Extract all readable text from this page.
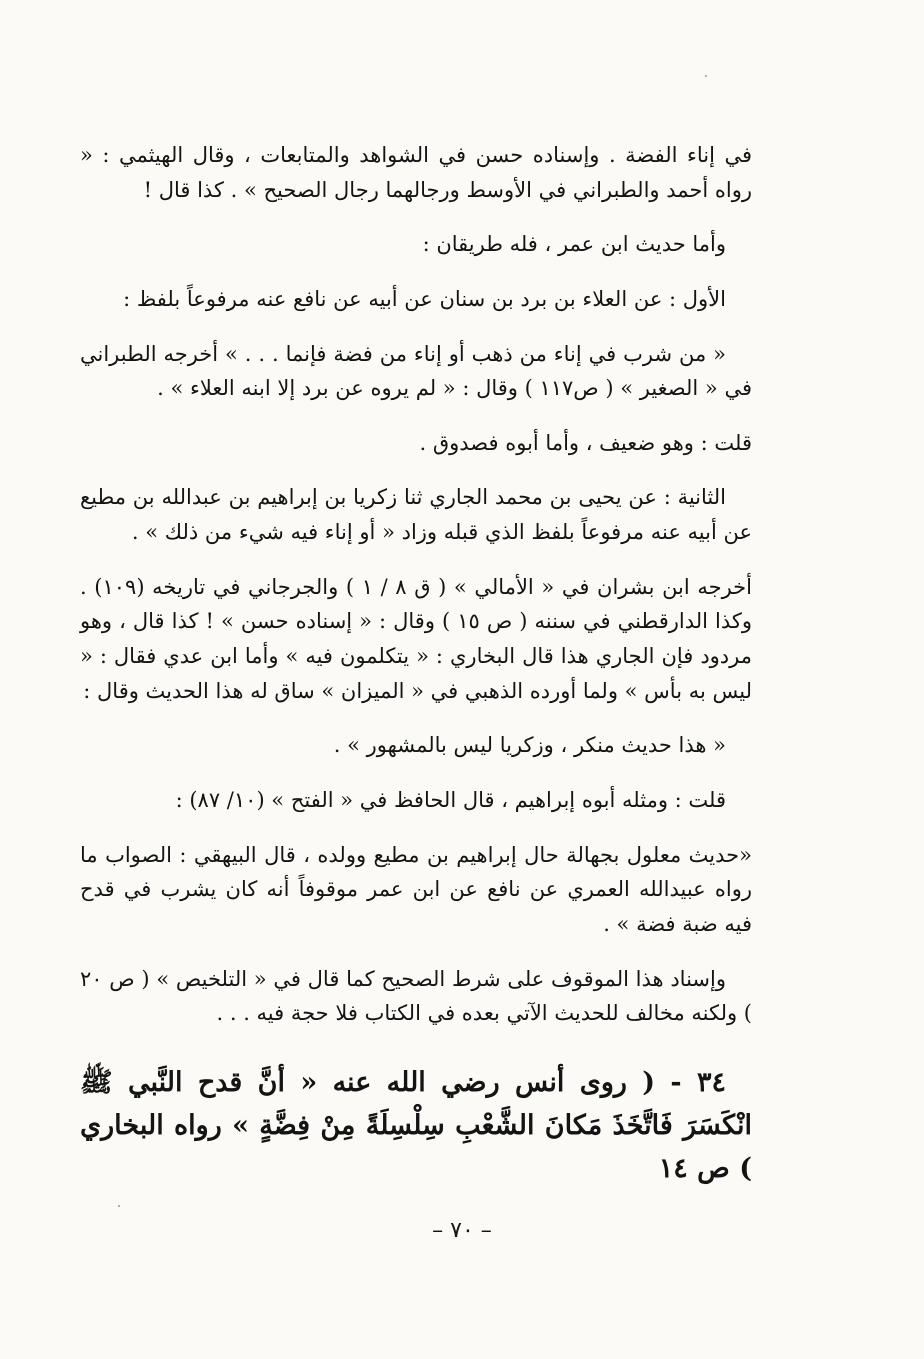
في إناء الفضة . وإسناده حسن في الشواهد والمتابعات ، وقال الهيثمي : « رواه أحمد والطبراني في الأوسط ورجالهما رجال الصحيح » . كذا قال !

وأما حديث ابن عمر ، فله طريقان :

الأول : عن العلاء بن برد بن سنان عن أبيه عن نافع عنه مرفوعاً بلفظ :

« من شرب في إناء من ذهب أو إناء من فضة فإنما . . . » أخرجه الطبراني في « الصغير » ( ص١١٧ ) وقال : « لم يروه عن برد إلا ابنه العلاء » .

قلت : وهو ضعيف ، وأما أبوه فصدوق .

الثانية : عن يحيى بن محمد الجاري ثنا زكريا بن إبراهيم بن عبدالله بن مطيع عن أبيه عنه مرفوعاً بلفظ الذي قبله وزاد « أو إناء فيه شيء من ذلك » .

أخرجه ابن بشران في « الأمالي » ( ق ٨ / ١ ) والجرجاني في تاريخه (١٠٩) . وكذا الدارقطني في سننه ( ص ١٥ ) وقال : « إسناده حسن » ! كذا قال ، وهو مردود فإن الجاري هذا قال البخاري : « يتكلمون فيه » وأما ابن عدي فقال : « ليس به بأس » ولما أورده الذهبي في « الميزان » ساق له هذا الحديث وقال :

« هذا حديث منكر ، وزكريا ليس بالمشهور » .

قلت : ومثله أبوه إبراهيم ، قال الحافظ في « الفتح » (١٠/ ٨٧) :

«حديث معلول بجهالة حال إبراهيم بن مطيع وولده ، قال البيهقي : الصواب ما رواه عبيدالله العمري عن نافع عن ابن عمر موقوفاً أنه كان يشرب في قدح فيه ضبة فضة » .

وإسناد هذا الموقوف على شرط الصحيح كما قال في « التلخيص » ( ص ٢٠ ) ولكنه مخالف للحديث الآتي بعده في الكتاب فلا حجة فيه . . .

٣٤ - ( روى أنس رضي الله عنه « أنَّ قدح النَّبي ﷺ انْكَسَرَ فَاتَّخَذَ مَكانَ الشَّعْبِ سِلْسِلَةً مِنْ فِضَّةٍ » رواه البخاري ) ص ١٤
– ٧٠ –
